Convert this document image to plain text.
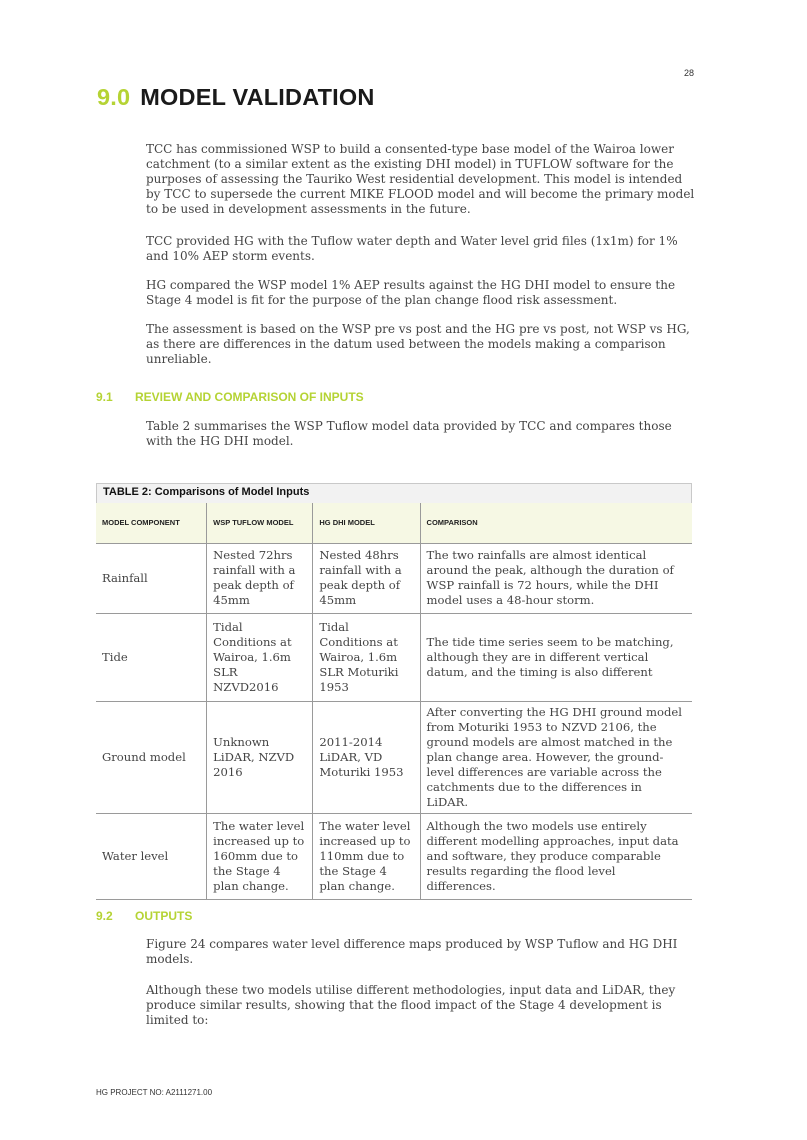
28
9.0 MODEL VALIDATION

TCC has commissioned WSP to build a consented-type base model of the Wairoa lower catchment (to a similar extent as the existing DHI model) in TUFLOW software for the purposes of assessing the Tauriko West residential development. This model is intended by TCC to supersede the current MIKE FLOOD model and will become the primary model to be used in development assessments in the future.

TCC provided HG with the Tuflow water depth and Water level grid files (1x1m) for 1% and 10% AEP storm events.

HG compared the WSP model 1% AEP results against the HG DHI model to ensure the Stage 4 model is fit for the purpose of the plan change flood risk assessment.

The assessment is based on the WSP pre vs post and the HG pre vs post, not WSP vs HG, as there are differences in the datum used between the models making a comparison unreliable.

9.1 REVIEW AND COMPARISON OF INPUTS

Table 2 summarises the WSP Tuflow model data provided by TCC and compares those with the HG DHI model.

TABLE 2: Comparisons of Model Inputs
MODEL COMPONENT	WSP TUFLOW MODEL	HG DHI MODEL	COMPARISON
Rainfall	Nested 72hrs rainfall with a peak depth of 45mm	Nested 48hrs rainfall with a peak depth of 45mm	The two rainfalls are almost identical around the peak, although the duration of WSP rainfall is 72 hours, while the DHI model uses a 48-hour storm.
Tide	Tidal Conditions at Wairoa, 1.6m SLR NZVD2016	Tidal Conditions at Wairoa, 1.6m SLR Moturiki 1953	The tide time series seem to be matching, although they are in different vertical datum, and the timing is also different
Ground model	Unknown LiDAR, NZVD 2016	2011-2014 LiDAR, VD Moturiki 1953	After converting the HG DHI ground model from Moturiki 1953 to NZVD 2106, the ground models are almost matched in the plan change area. However, the ground-level differences are variable across the catchments due to the differences in LiDAR.
Water level	The water level increased up to 160mm due to the Stage 4 plan change.	The water level increased up to 110mm due to the Stage 4 plan change.	Although the two models use entirely different modelling approaches, input data and software, they produce comparable results regarding the flood level differences.
9.2 OUTPUTS

Figure 24 compares water level difference maps produced by WSP Tuflow and HG DHI models.

Although these two models utilise different methodologies, input data and LiDAR, they produce similar results, showing that the flood impact of the Stage 4 development is limited to:

HG PROJECT NO: A2111271.00
